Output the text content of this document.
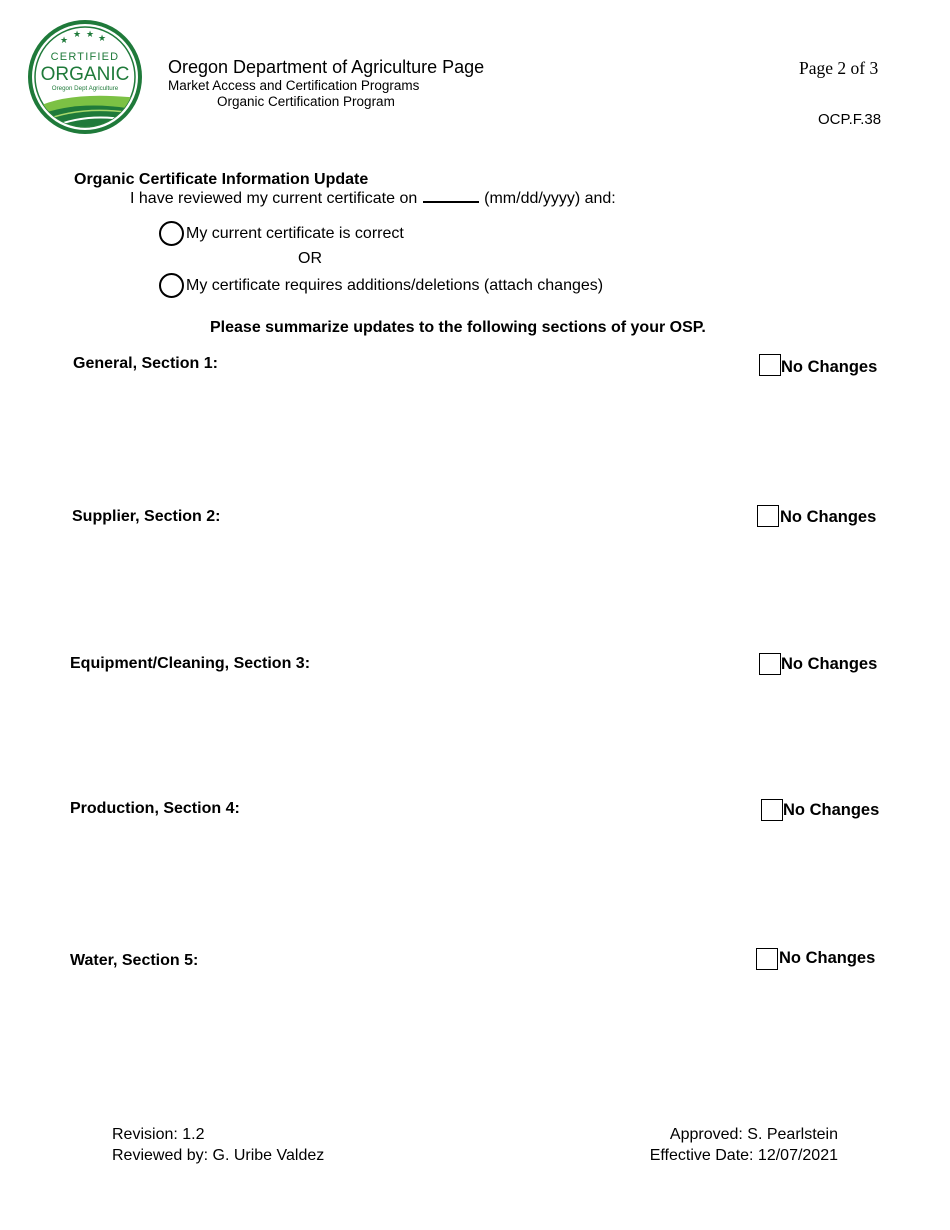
★
★ ★ ★
CERTIFIED
ORGANIC
Oregon Dept Agriculture
Oregon Department of Agriculture Page
Market Access and Certification Programs
Organic Certification Program
Page 2 of 3
OCP.F.38
Organic Certificate Information Update
I have reviewed my current certificate on	(mm/dd/yyyy) and:
My current certificate is correct
OR
My certificate requires additions/deletions (attach changes)
Please summarize updates to the following sections of your OSP.
General, Section 1:	No Changes
Supplier, Section 2:	No Changes
Equipment/Cleaning, Section 3:	No Changes
Production, Section 4:	No Changes
Water, Section 5:	No Changes
Revision: 1.2
Reviewed by: G. Uribe Valdez
Approved: S. Pearlstein
Effective Date: 12/07/2021
